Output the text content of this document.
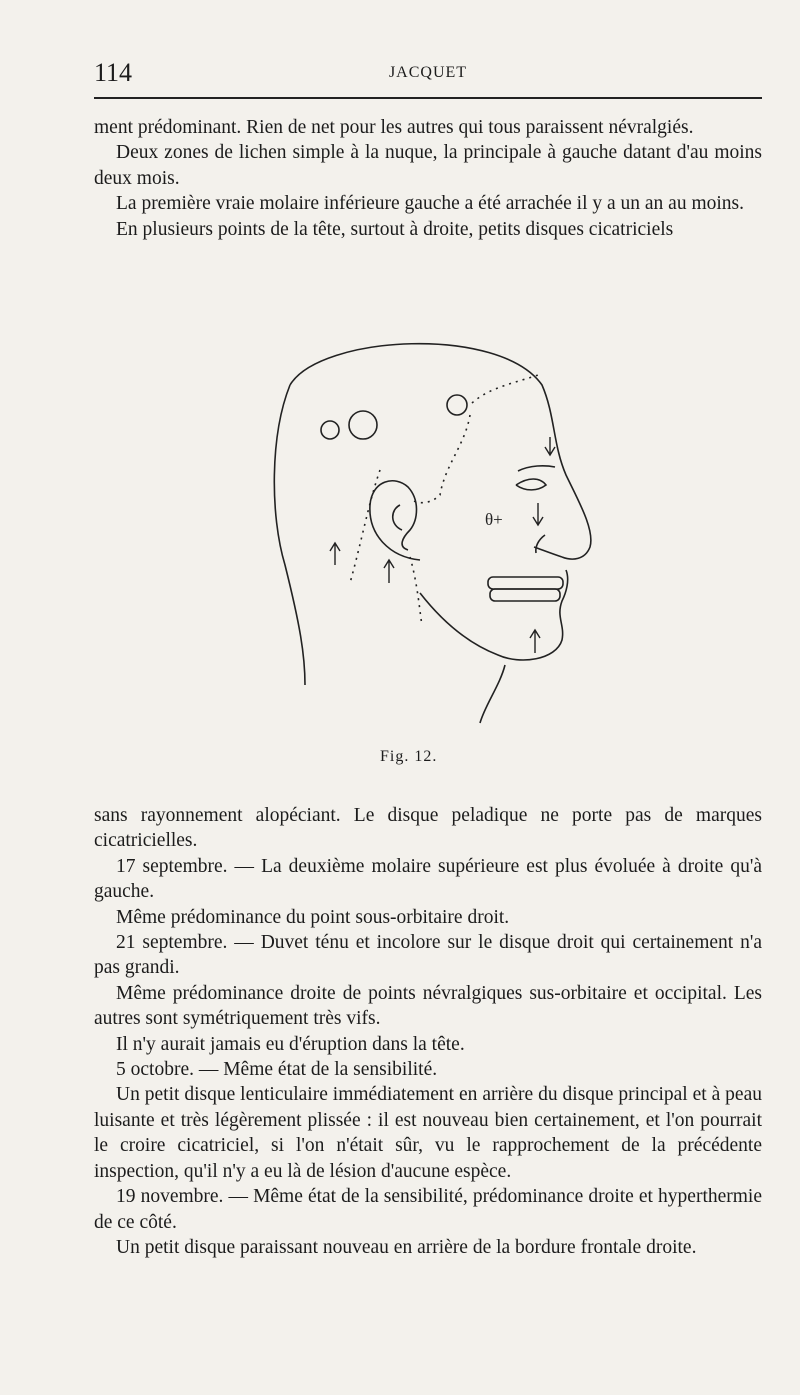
114	JACQUET

ment prédominant. Rien de net pour les autres qui tous paraissent névralgiés.

Deux zones de lichen simple à la nuque, la principale à gauche datant d'au moins deux mois.

La première vraie molaire inférieure gauche a été arrachée il y a un an au moins.

En plusieurs points de la tête, surtout à droite, petits disques cicatriciels

θ+
Fig. 12.

sans rayonnement alopéciant. Le disque peladique ne porte pas de marques cicatricielles.

17 septembre. — La deuxième molaire supérieure est plus évoluée à droite qu'à gauche.

Même prédominance du point sous-orbitaire droit.

21 septembre. — Duvet ténu et incolore sur le disque droit qui certainement n'a pas grandi.

Même prédominance droite de points névralgiques sus-orbitaire et occipital. Les autres sont symétriquement très vifs.

Il n'y aurait jamais eu d'éruption dans la tête.

5 octobre. — Même état de la sensibilité.

Un petit disque lenticulaire immédiatement en arrière du disque principal et à peau luisante et très légèrement plissée : il est nouveau bien certainement, et l'on pourrait le croire cicatriciel, si l'on n'était sûr, vu le rapprochement de la précédente inspection, qu'il n'y a eu là de lésion d'aucune espèce.

19 novembre. — Même état de la sensibilité, prédominance droite et hyperthermie de ce côté.

Un petit disque paraissant nouveau en arrière de la bordure frontale droite.
